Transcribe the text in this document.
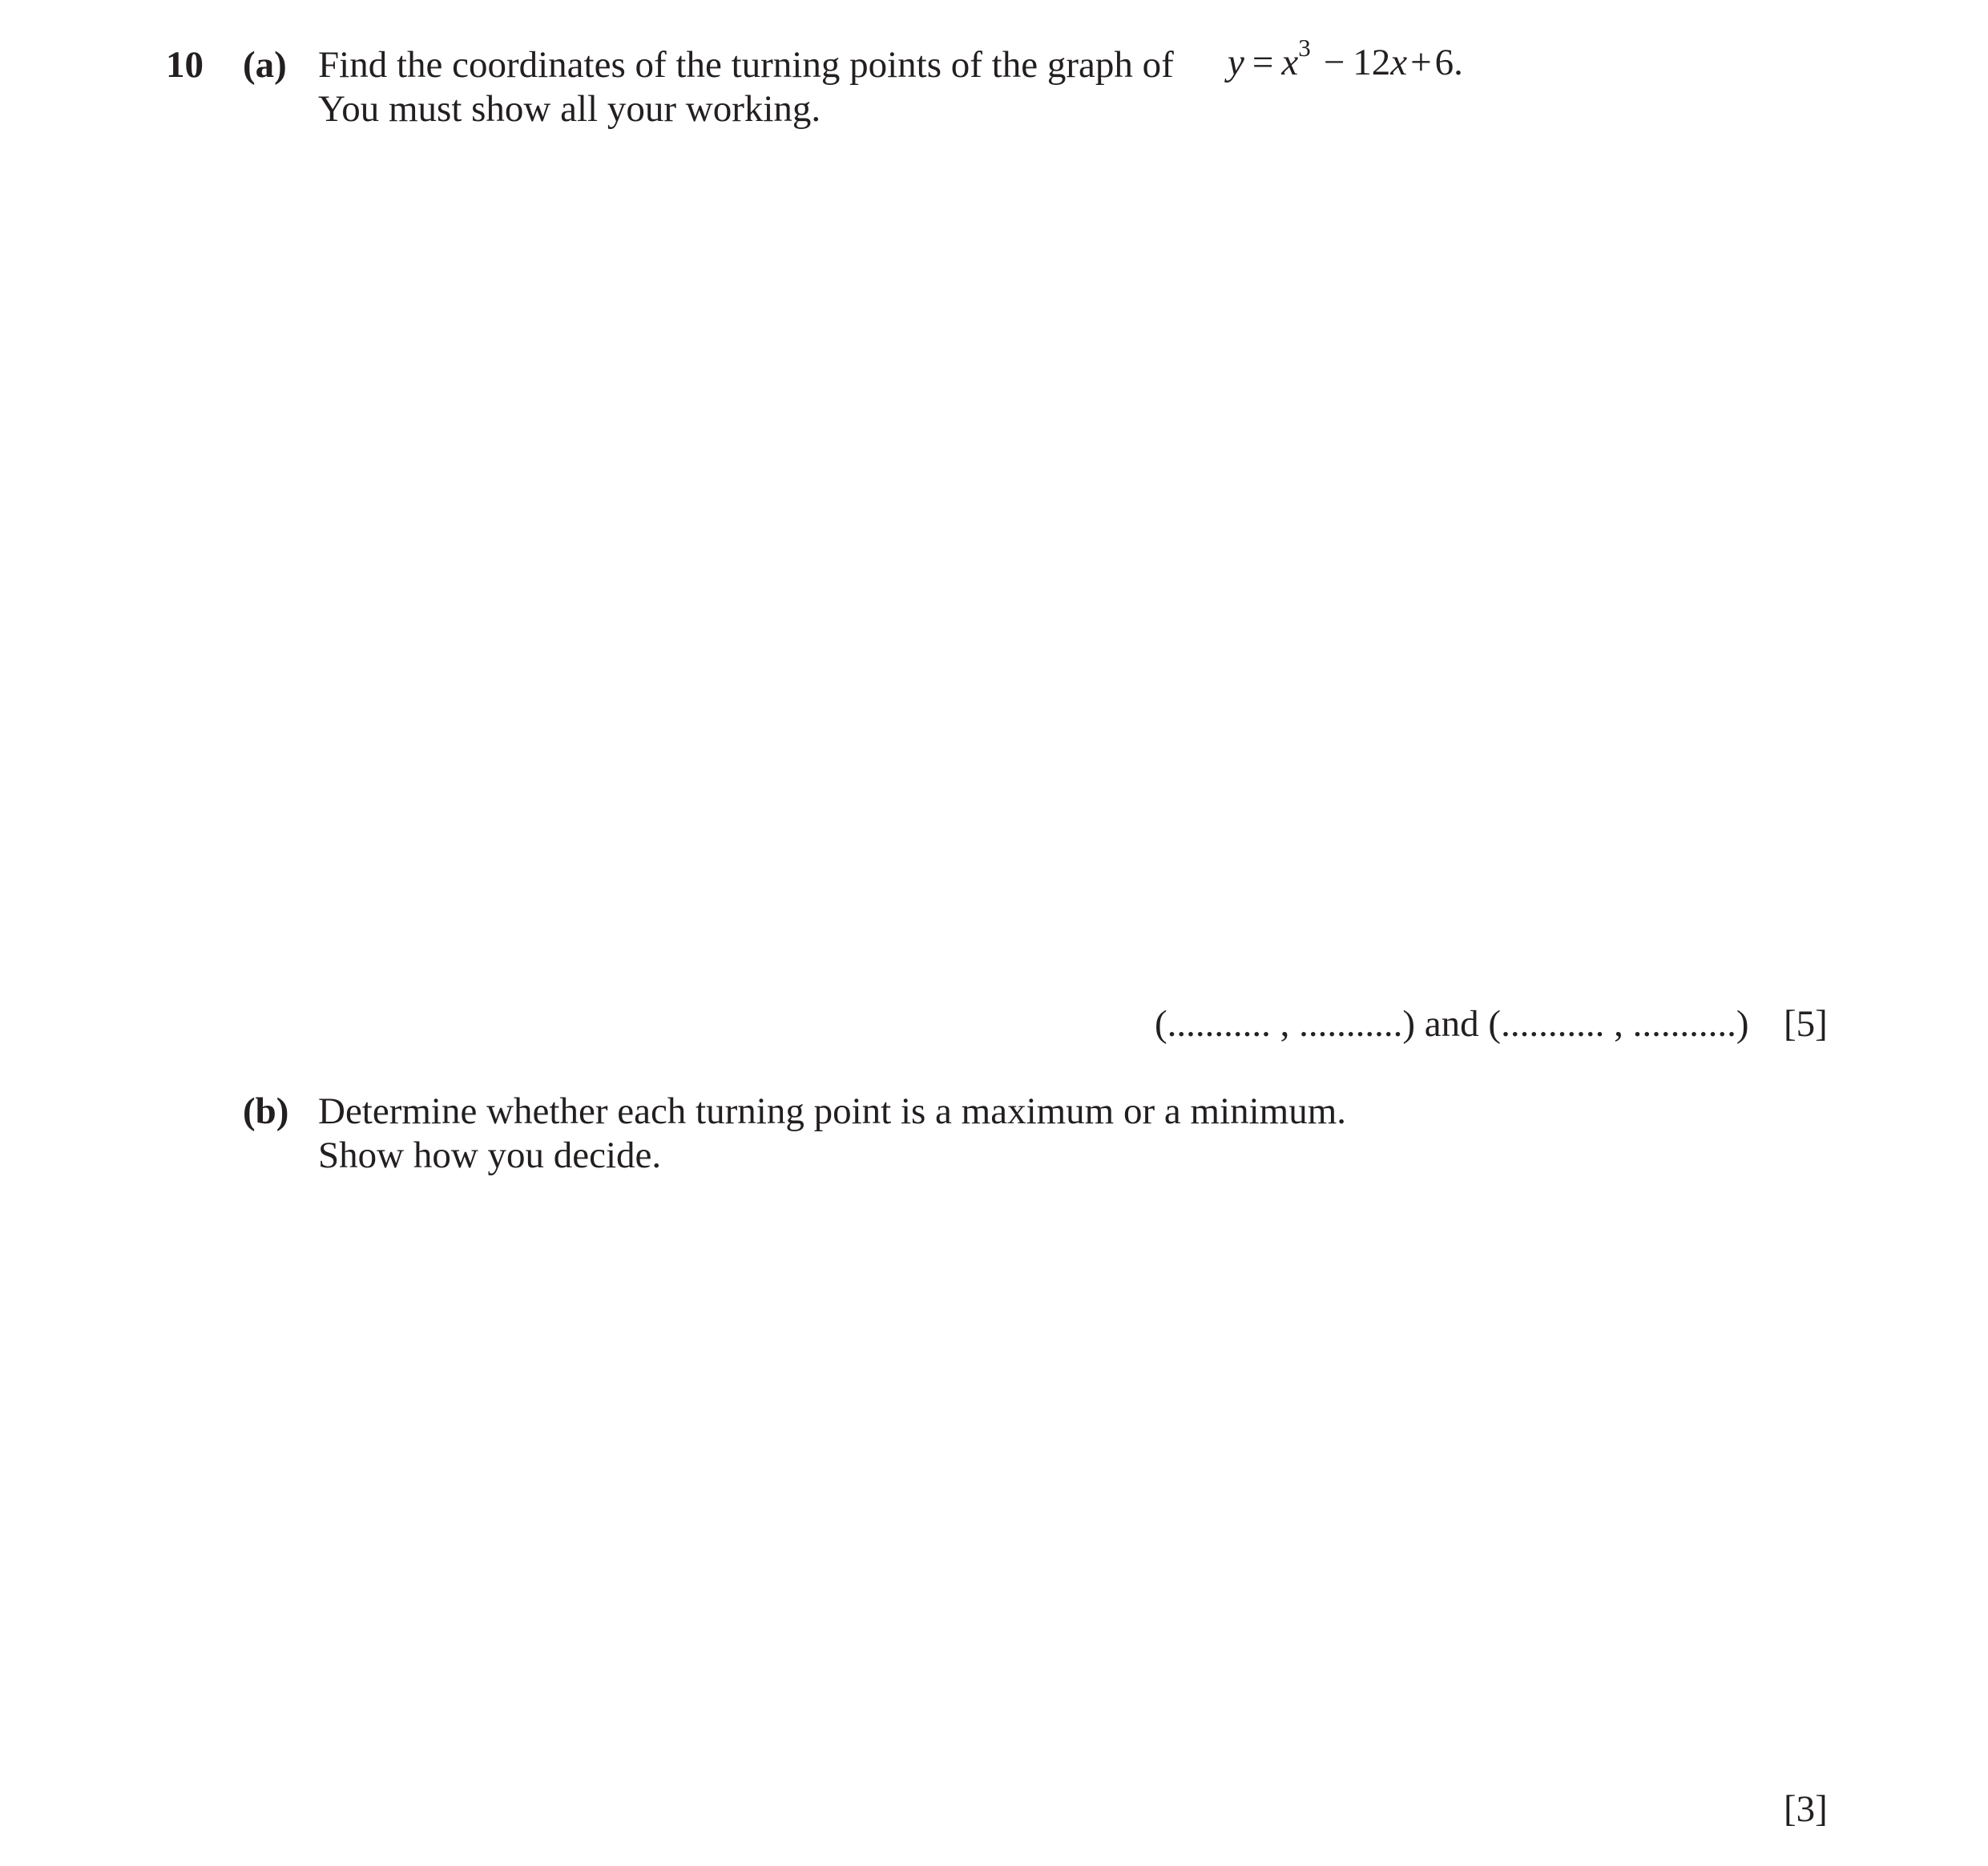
10 (a) Find the coordinates of the turning points of the graph of $y = x^3 - 12x+6$.
You must show all your working.
(........... , ...........) and (........... , ...........) [5]
(b) Determine whether each turning point is a maximum or a minimum.
Show how you decide.
[3]
